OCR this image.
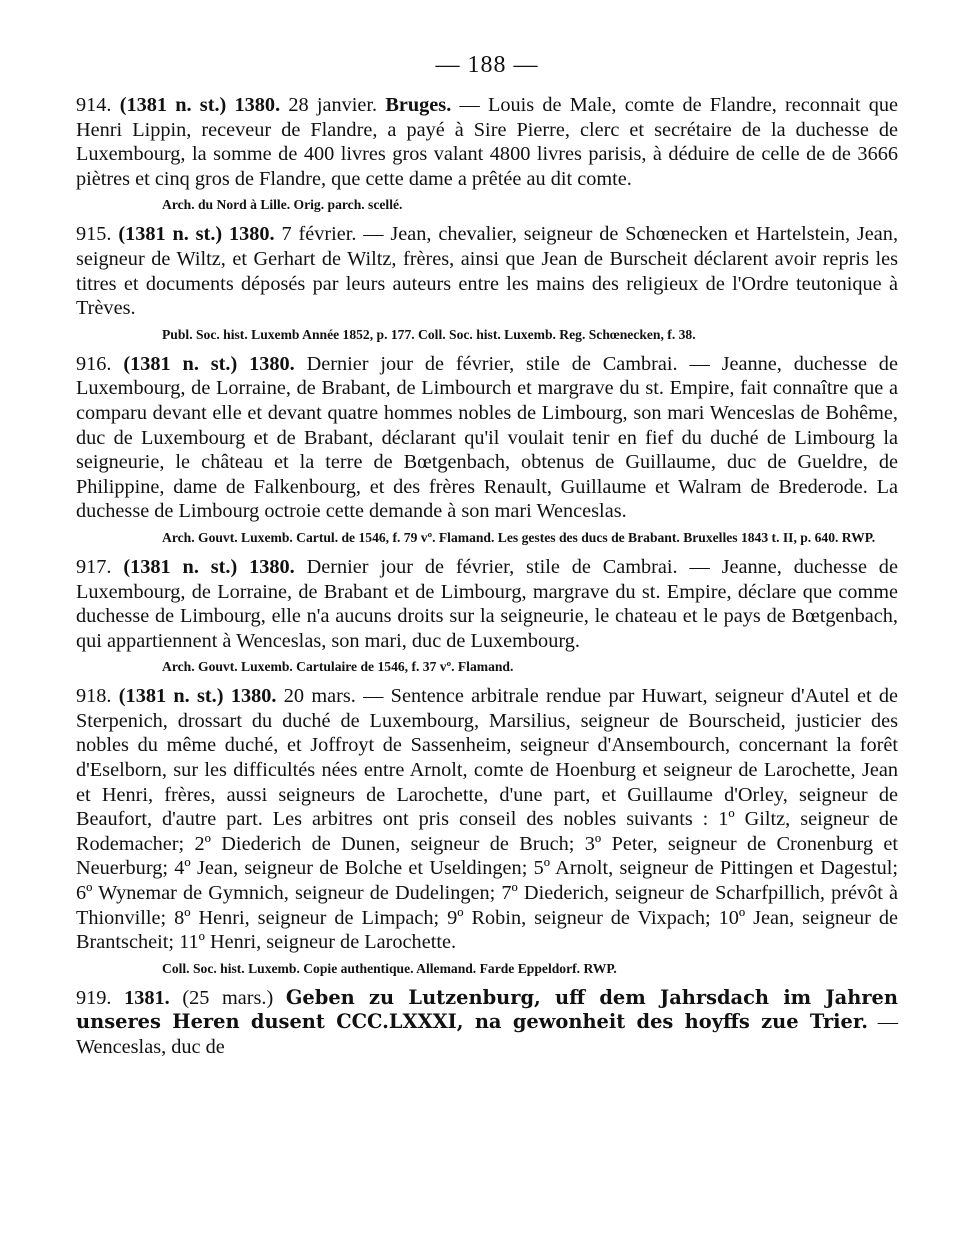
— 188 —

914. (1381 n. st.) 1380. 28 janvier. Bruges. — Louis de Male, comte de Flandre, reconnait que Henri Lippin, receveur de Flandre, a payé à Sire Pierre, clerc et secrétaire de la duchesse de Luxembourg, la somme de 400 livres gros valant 4800 livres parisis, à déduire de celle de de 3666 piètres et cinq gros de Flandre, que cette dame a prêtée au dit comte.

Arch. du Nord à Lille. Orig. parch. scellé.

915. (1381 n. st.) 1380. 7 février. — Jean, chevalier, seigneur de Schœnecken et Hartelstein, Jean, seigneur de Wiltz, et Gerhart de Wiltz, frères, ainsi que Jean de Burscheit déclarent avoir repris les titres et documents déposés par leurs auteurs entre les mains des religieux de l'Ordre teutonique à Trèves.

Publ. Soc. hist. Luxemb Année 1852, p. 177. Coll. Soc. hist. Luxemb. Reg. Schœnecken, f. 38.

916. (1381 n. st.) 1380. Dernier jour de février, stile de Cambrai. — Jeanne, duchesse de Luxembourg, de Lorraine, de Brabant, de Limbourch et margrave du st. Empire, fait connaître que a comparu devant elle et devant quatre hommes nobles de Limbourg, son mari Wenceslas de Bohême, duc de Luxembourg et de Brabant, déclarant qu'il voulait tenir en fief du duché de Limbourg la seigneurie, le château et la terre de Bœtgenbach, obtenus de Guillaume, duc de Gueldre, de Philippine, dame de Falkenbourg, et des frères Renault, Guillaume et Walram de Brederode. La duchesse de Limbourg octroie cette demande à son mari Wenceslas.

Arch. Gouvt. Luxemb. Cartul. de 1546, f. 79 vº. Flamand. Les gestes des ducs de Brabant. Bruxelles 1843 t. II, p. 640. RWP.

917. (1381 n. st.) 1380. Dernier jour de février, stile de Cambrai. — Jeanne, duchesse de Luxembourg, de Lorraine, de Brabant et de Limbourg, margrave du st. Empire, déclare que comme duchesse de Limbourg, elle n'a aucuns droits sur la seigneurie, le chateau et le pays de Bœtgenbach, qui appartiennent à Wenceslas, son mari, duc de Luxembourg.

Arch. Gouvt. Luxemb. Cartulaire de 1546, f. 37 vº. Flamand.

918. (1381 n. st.) 1380. 20 mars. — Sentence arbitrale rendue par Huwart, seigneur d'Autel et de Sterpenich, drossart du duché de Luxembourg, Marsilius, seigneur de Bourscheid, justicier des nobles du même duché, et Joffroyt de Sassenheim, seigneur d'Ansembourch, concernant la forêt d'Eselborn, sur les difficultés nées entre Arnolt, comte de Hoenburg et seigneur de Larochette, Jean et Henri, frères, aussi seigneurs de Larochette, d'une part, et Guillaume d'Orley, seigneur de Beaufort, d'autre part. Les arbitres ont pris conseil des nobles suivants : 1º Giltz, seigneur de Rodemacher; 2º Diederich de Dunen, seigneur de Bruch; 3º Peter, seigneur de Cronenburg et Neuerburg; 4º Jean, seigneur de Bolche et Useldingen; 5º Arnolt, seigneur de Pittingen et Dagestul; 6º Wynemar de Gymnich, seigneur de Dudelingen; 7º Diederich, seigneur de Scharfpillich, prévôt à Thionville; 8º Henri, seigneur de Limpach; 9º Robin, seigneur de Vixpach; 10º Jean, seigneur de Brantscheit; 11º Henri, seigneur de Larochette.

Coll. Soc. hist. Luxemb. Copie authentique. Allemand. Farde Eppeldorf. RWP.

919. 1381. (25 mars.) Geben zu Lutzenburg, uff dem Jahrsdach im Jahren unseres Heren dusent CCC.LXXXI, na gewonheit des hoyffs zue Trier. — Wenceslas, duc de
